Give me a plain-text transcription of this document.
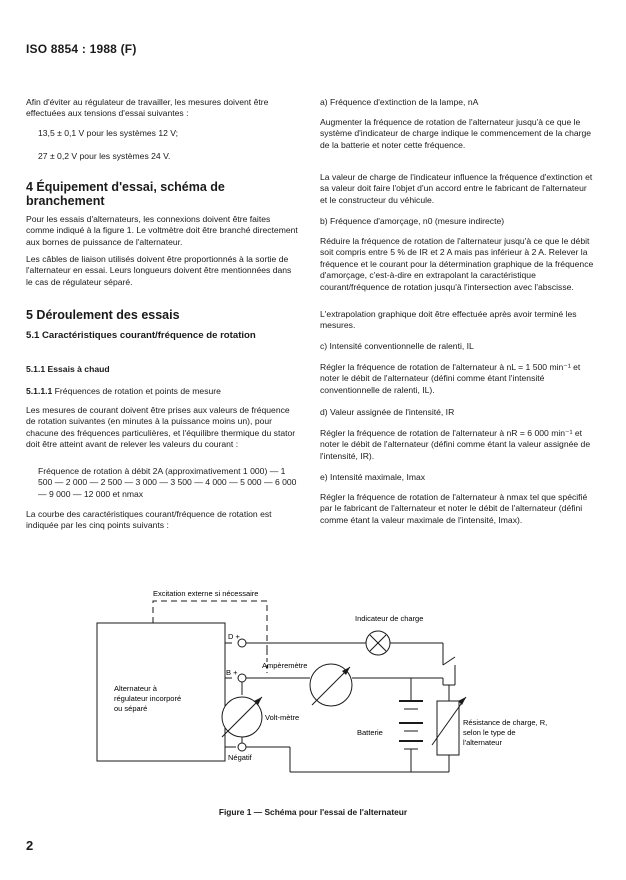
ISO 8854 : 1988 (F)

Afin d'éviter au régulateur de travailler, les mesures doivent être effectuées aux tensions d'essai suivantes :

13,5 ± 0,1 V pour les systèmes 12 V;
27 ± 0,2 V pour les systèmes 24 V.

4 Équipement d'essai, schéma de branchement

Pour les essais d'alternateurs, les connexions doivent être faites comme indiqué à la figure 1. Le voltmètre doit être branché directement aux bornes de puissance de l'alternateur.

Les câbles de liaison utilisés doivent être proportionnés à la sortie de l'alternateur en essai. Leurs longueurs doivent être mentionnées dans le cas de régulateur séparé.

5 Déroulement des essais

5.1 Caractéristiques courant/fréquence de rotation

5.1.1 Essais à chaud

5.1.1.1 Fréquences de rotation et points de mesure

Les mesures de courant doivent être prises aux valeurs de fréquence de rotation suivantes (en minutes à la puissance moins un), pour chacune des fréquences particulières, et l'équilibre thermique du stator doit être atteint avant de relever les valeurs du courant :

Fréquence de rotation à débit 2A (approximativement 1 000) — 1 500 — 2 000 — 2 500 — 3 000 — 3 500 — 4 000 — 5 000 — 6 000 — 9 000 — 12 000 et nmax

La courbe des caractéristiques courant/fréquence de rotation est indiquée par les cinq points suivants :

a) Fréquence d'extinction de la lampe, nA

Augmenter la fréquence de rotation de l'alternateur jusqu'à ce que le système d'indicateur de charge indique le commencement de la charge de la batterie et noter cette fréquence.

La valeur de charge de l'indicateur influence la fréquence d'extinction et sa valeur doit faire l'objet d'un accord entre le fabricant de l'alternateur et le constructeur du véhicule.

b) Fréquence d'amorçage, n0 (mesure indirecte)

Réduire la fréquence de rotation de l'alternateur jusqu'à ce que le débit soit compris entre 5 % de IR et 2 A mais pas inférieur à 2 A. Relever la fréquence et le courant pour la détermination graphique de la fréquence d'amorçage, c'est-à-dire en extrapolant la caractéristique courant/fréquence de rotation jusqu'à l'intersection avec l'abscisse.

L'extrapolation graphique doit être effectuée après avoir terminé les mesures.

c) Intensité conventionnelle de ralenti, IL

Régler la fréquence de rotation de l'alternateur à nL = 1 500 min⁻¹ et noter le débit de l'alternateur (défini comme étant l'intensité conventionnelle de ralenti, IL).

d) Valeur assignée de l'intensité, IR

Régler la fréquence de rotation de l'alternateur à nR = 6 000 min⁻¹ et noter le débit de l'alternateur (défini comme étant la valeur assignée de l'intensité, IR).

e) Intensité maximale, Imax

Régler la fréquence de rotation de l'alternateur à nmax tel que spécifié par le fabricant de l'alternateur et noter le débit de l'alternateur (défini comme étant la valeur maximale de l'intensité, Imax).

Excitation externe si nécessaire
Alternateur à
régulateur incorporé
ou séparé
D +
B +
Indicateur de charge
Ampèremètre
Volt-mètre
Batterie
Résistance de charge, R,
selon le type de
l'alternateur
Négatif
Figure 1 — Schéma pour l'essai de l'alternateur
2
